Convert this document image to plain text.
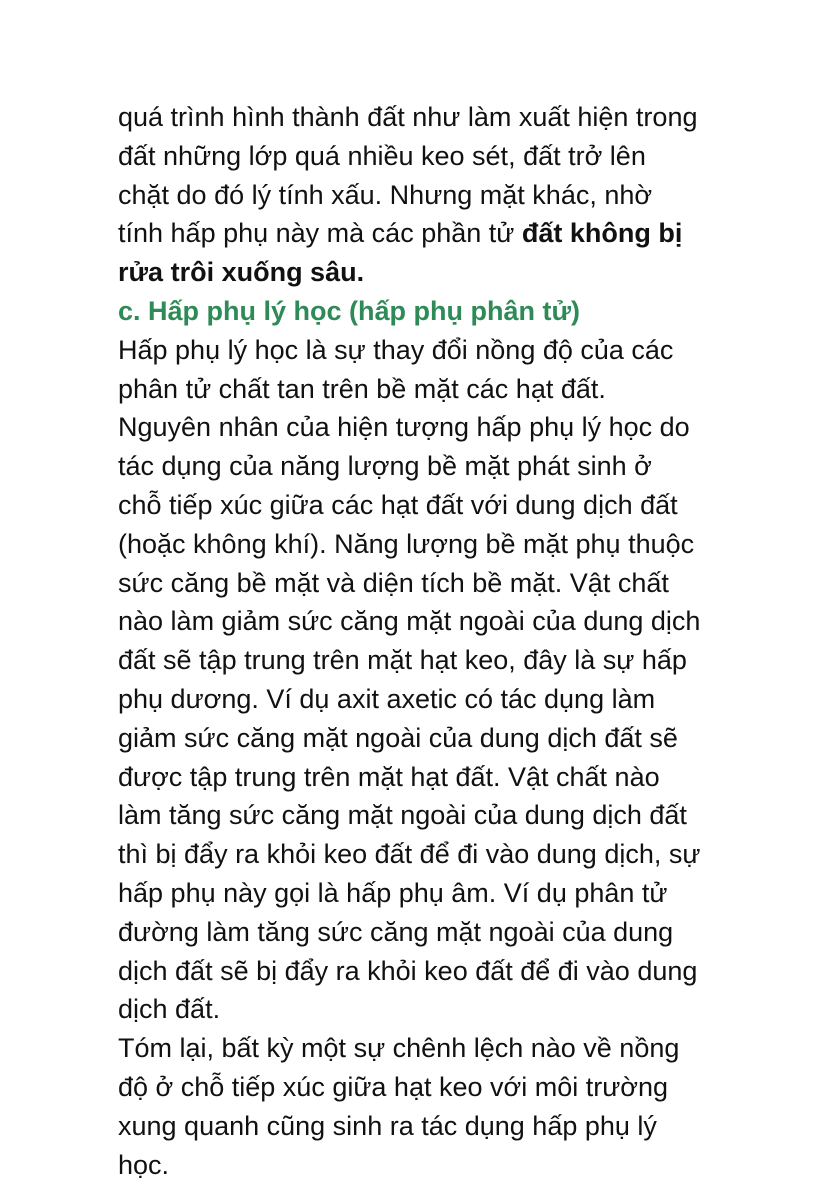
quá trình hình thành đất như làm xuất hiện trong
đất những lớp quá nhiều keo sét, đất trở lên
chặt do đó lý tính xấu. Nhưng mặt khác, nhờ
tính hấp phụ này mà các phần tử đất không bị
rửa trôi xuống sâu.
c. Hấp phụ lý học (hấp phụ phân tử)
Hấp phụ lý học là sự thay đổi nồng độ của các
phân tử chất tan trên bề mặt các hạt đất.
Nguyên nhân của hiện tượng hấp phụ lý học do
tác dụng của năng lượng bề mặt phát sinh ở
chỗ tiếp xúc giữa các hạt đất với dung dịch đất
(hoặc không khí). Năng lượng bề mặt phụ thuộc
sức căng bề mặt và diện tích bề mặt. Vật chất
nào làm giảm sức căng mặt ngoài của dung dịch
đất sẽ tập trung trên mặt hạt keo, đây là sự hấp
phụ dương. Ví dụ axit axetic có tác dụng làm
giảm sức căng mặt ngoài của dung dịch đất sẽ
được tập trung trên mặt hạt đất. Vật chất nào
làm tăng sức căng mặt ngoài của dung dịch đất
thì bị đẩy ra khỏi keo đất để đi vào dung dịch, sự
hấp phụ này gọi là hấp phụ âm. Ví dụ phân tử
đường làm tăng sức căng mặt ngoài của dung
dịch đất sẽ bị đẩy ra khỏi keo đất để đi vào dung
dịch đất.
Tóm lại, bất kỳ một sự chênh lệch nào về nồng
độ ở chỗ tiếp xúc giữa hạt keo với môi trường
xung quanh cũng sinh ra tác dụng hấp phụ lý
học.
